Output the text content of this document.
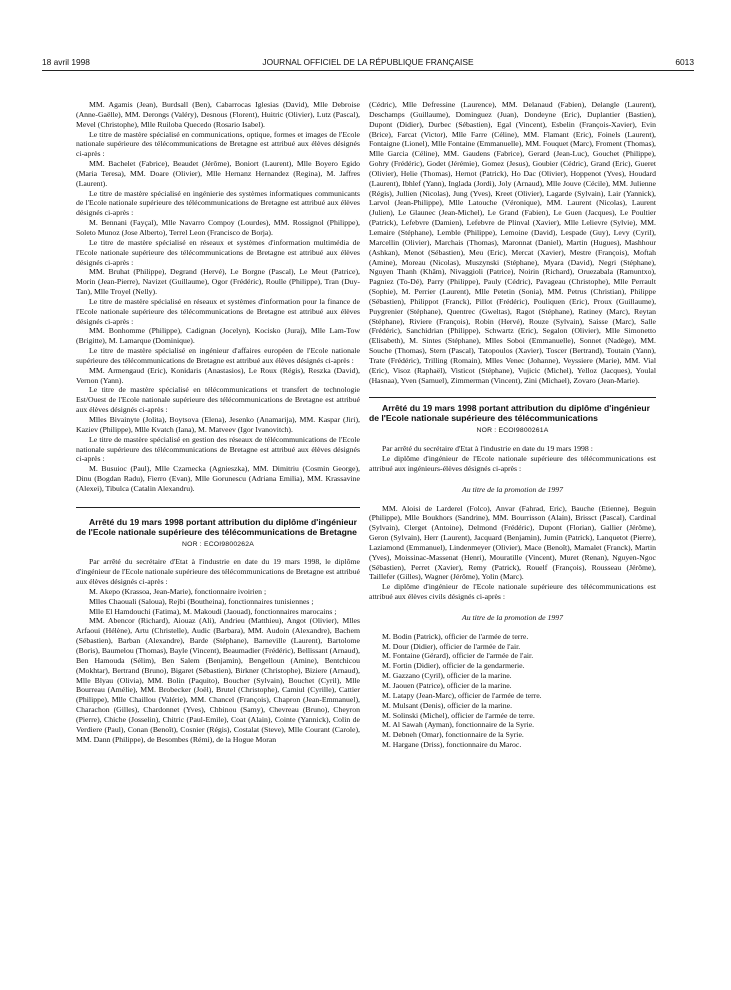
18 avril 1998	JOURNAL OFFICIEL DE LA RÉPUBLIQUE FRANÇAISE	6013

MM. Agamis (Jean), Burdsall (Ben), Cabarrocas Iglesias (David), Mlle Debroise (Anne-Gaëlle), MM. Derongs (Valéry), Desnous (Florent), Huitric (Olivier), Lutz (Pascal), Mevel (Christophe), Mlle Ruiloba Quecedo (Rosario Isabel).

Le titre de mastère spécialisé en communications, optique, formes et images de l'Ecole nationale supérieure des télécommunications de Bretagne est attribué aux élèves désignés ci-après :

MM. Bachelet (Fabrice), Beaudet (Jérôme), Boniort (Laurent), Mlle Boyero Egido (Maria Teresa), MM. Doare (Olivier), Mlle Hernanz Hernandez (Regina), M. Jaffres (Laurent).

Le titre de mastère spécialisé en ingénierie des systèmes informatiques communicants de l'Ecole nationale supérieure des télécommunications de Bretagne est attribué aux élèves désignés ci-après :

M. Bennani (Fayçal), Mlle Navarro Compoy (Lourdes), MM. Rossignol (Philippe), Soleto Munoz (Jose Alberto), Terrel Leon (Francisco de Borja).

Le titre de mastère spécialisé en réseaux et systèmes d'information multimédia de l'Ecole nationale supérieure des télécommunications de Bretagne est attribué aux élèves désignés ci-après :

MM. Bruhat (Philippe), Degrand (Hervé), Le Borgne (Pascal), Le Meut (Patrice), Morin (Jean-Pierre), Navizet (Guillaume), Ogor (Frédéric), Roulle (Philippe), Tran (Duy-Tan), Mlle Troyel (Nelly).

Le titre de mastère spécialisé en réseaux et systèmes d'information pour la finance de l'Ecole nationale supérieure des télécommunications de Bretagne est attribué aux élèves désignés ci-après :

MM. Bonhomme (Philippe), Cadignan (Jocelyn), Kocisko (Juraj), Mlle Lam-Tow (Brigitte), M. Lamarque (Dominique).

Le titre de mastère spécialisé en ingénieur d'affaires européen de l'Ecole nationale supérieure des télécommunications de Bretagne est attribué aux élèves désignés ci-après :

MM. Armengaud (Eric), Konidaris (Anastasios), Le Roux (Régis), Reszka (David), Vernon (Yann).

Le titre de mastère spécialisé en télécommunications et transfert de technologie Est/Ouest de l'Ecole nationale supérieure des télécommunications de Bretagne est attribué aux élèves désignés ci-après :

Mlles Bivainyte (Jolita), Boytsova (Elena), Jesenko (Anamarija), MM. Kaspar (Jiri), Kaziev (Philippe), Mlle Kvatch (Iana), M. Matveev (Igor Ivanovitch).

Le titre de mastère spécialisé en gestion des réseaux de télécommunications de l'Ecole nationale supérieure des télécommunications de Bretagne est attribué aux élèves désignés ci-après :

M. Busuioc (Paul), Mlle Czarnecka (Agnieszka), MM. Dimitriu (Cosmin George), Dinu (Bogdan Radu), Fierro (Evan), Mlle Gorunescu (Adriana Emilia), MM. Krassavine (Alexei), Tibulca (Catalin Alexandru).

Arrêté du 19 mars 1998 portant attribution du diplôme d'ingénieur de l'Ecole nationale supérieure des télécommunications de Bretagne

NOR : ECOI9800262A

Par arrêté du secrétaire d'Etat à l'industrie en date du 19 mars 1998, le diplôme d'ingénieur de l'Ecole nationale supérieure des télécommunications de Bretagne est attribué aux élèves désignés ci-après :

M. Akepo (Krassoa, Jean-Marie), fonctionnaire ivoirien ;

Mlles Chaouali (Saloua), Rejbi (Boutheina), fonctionnaires tunisiennes ;

Mlle El Hamdouchi (Fatima), M. Makoudi (Jaouad), fonctionnaires marocains ;

MM. Abencor (Richard), Aiouaz (Ali), Andrieu (Matthieu), Angot (Olivier), Mlles Arfaoui (Hélène), Artu (Christelle), Audic (Barbara), MM. Audoin (Alexandre), Bachem (Sébastien), Barban (Alexandre), Barde (Stéphane), Barneville (Laurent), Bartolome (Boris), Baumelou (Thomas), Bayle (Vincent), Beaumadier (Frédéric), Bellissant (Arnaud), Ben Hamouda (Sélim), Ben Salem (Benjamin), Bengelloun (Amine), Bentchicou (Mokhtar), Bertrand (Bruno), Bigaret (Sébastien), Birkner (Christophe), Biziere (Arnaud), Mlle Blyau (Olivia), MM. Bolin (Paquito), Boucher (Sylvain), Bouchet (Cyril), Mlle Bourreau (Amélie), MM. Brobecker (Joël), Brutel (Christophe), Camiul (Cyrille), Cattier (Philippe), Mlle Chaillou (Valérie), MM. Chancel (François), Chapron (Jean-Emmanuel), Charachon (Gilles), Chardonnet (Yves), Chbinou (Samy), Chevreau (Bruno), Cheyron (Pierre), Chiche (Josselin), Chitric (Paul-Emile), Coat (Alain), Cointe (Yannick), Colin de Verdiere (Paul), Conan (Benoît), Cosnier (Régis), Costalat (Steve), Mlle Courant (Carole), MM. Dann (Philippe), de Besombes (Rémi), de la Hogue Moran

(Cédric), Mlle Defressine (Laurence), MM. Delanaud (Fabien), Delangle (Laurent), Deschamps (Guillaume), Dominguez (Juan), Dondeyne (Eric), Duplantier (Bastien), Dupont (Didier), Durbec (Sébastien), Egal (Vincent), Esbelin (François-Xavier), Evin (Brice), Farcat (Victor), Mlle Farre (Céline), MM. Flamant (Eric), Foinels (Laurent), Fontaigne (Lionel), Mlle Fontaine (Emmanuelle), MM. Fouquet (Marc), Froment (Thomas), Mlle Garcia (Céline), MM. Gaudens (Fabrice), Gerard (Jean-Luc), Gouchet (Philippe), Gohry (Frédéric), Godet (Jérémie), Gomez (Jesus), Goubier (Cédric), Grand (Eric), Gueret (Olivier), Helie (Thomas), Hernot (Patrick), Ho Dac (Olivier), Hoppenot (Yves), Houdard (Laurent), Ibhlef (Yann), Inglada (Jordi), Joly (Arnaud), Mlle Jouve (Cécile), MM. Julienne (Régis), Jullien (Nicolas), Jung (Yves), Kreet (Olivier), Lagarde (Sylvain), Lair (Yannick), Larvol (Jean-Philippe), Mlle Latouche (Véronique), MM. Laurent (Nicolas), Laurent (Julien), Le Glaunec (Jean-Michel), Le Grand (Fabien), Le Guen (Jacques), Le Poultier (Patrick), Lefebvre (Damien), Lefebvre de Plinval (Xavier), Mlle Lelievre (Sylvie), MM. Lemaire (Stéphane), Lemble (Philippe), Lemoine (David), Lespade (Guy), Levy (Cyril), Marcellin (Olivier), Marchais (Thomas), Maronnat (Daniel), Martin (Hugues), Mashhour (Ashkan), Menot (Sébastien), Meu (Eric), Mercat (Xavier), Mestre (François), Moftah (Amine), Moreau (Nicolas), Muszynski (Stéphane), Myara (David), Negri (Stéphane), Nguyen Thanh (Khâm), Nivaggioli (Patrice), Noirin (Richard), Oruezabala (Ramuntxo), Pagniez (To-Dé), Parry (Philippe), Pauly (Cédric), Pavageau (Christophe), Mlle Perrault (Sophie), M. Perrier (Laurent), Mlle Petetin (Sonia), MM. Petrus (Christian), Philippe (Sébastien), Philippot (Franck), Pillot (Frédéric), Pouliquen (Eric), Proux (Guillaume), Puygrenier (Stéphane), Quentrec (Gweltas), Ragot (Stéphane), Ratiney (Marc), Reytan (Stéphane), Riviere (François), Robin (Hervé), Rouze (Sylvain), Saisse (Marc), Salle (Frédéric), Sanchidrian (Philippe), Schwartz (Eric), Segalon (Olivier), Mlle Simonetto (Elisabeth), M. Sintes (Stéphane), Mlles Soboi (Emmanuelle), Sonnet (Nadège), MM. Souche (Thomas), Stern (Pascal), Tatopoulos (Xavier), Toscer (Bertrand), Toutain (Yann), Trate (Frédéric), Trilling (Romain), Mlles Venec (Johanne), Veyssiere (Marie), MM. Vial (Eric), Visoz (Raphaël), Visticot (Stéphane), Vujicic (Michel), Yelloz (Jacques), Youlal (Hasnaa), Yven (Samuel), Zimmerman (Vincent), Zini (Michael), Zovaro (Jean-Marie).

Arrêté du 19 mars 1998 portant attribution du diplôme d'ingénieur de l'Ecole nationale supérieure des télécommunications

NOR : ECOI9800261A

Par arrêté du secrétaire d'Etat à l'industrie en date du 19 mars 1998 :

Le diplôme d'ingénieur de l'Ecole nationale supérieure des télécommunications est attribué aux ingénieurs-élèves désignés ci-après :

Au titre de la promotion de 1997

MM. Aloisi de Larderel (Folco), Anvar (Fahrad, Eric), Bauche (Etienne), Beguin (Philippe), Mlle Boukhors (Sandrine), MM. Bourrisson (Alain), Brissct (Pascal), Cardinal (Sylvain), Clerget (Antoine), Delmond (Frédéric), Dupont (Florian), Gallier (Jérôme), Geron (Sylvain), Herr (Laurent), Jacquard (Benjamin), Jumin (Patrick), Lanquetot (Pierre), Laziamond (Emmanuel), Lindenmeyer (Olivier), Mace (Benoît), Mamalet (Franck), Martin (Yves), Moissinac-Massenat (Henri), Mouratille (Vincent), Muret (Renan), Nguyen-Ngoc (Sébastien), Perret (Xavier), Remy (Patrick), Rouelf (François), Rousseau (Jérôme), Taillefer (Gilles), Wagner (Jérôme), Yolin (Marc).

Le diplôme d'ingénieur de l'Ecole nationale supérieure des télécommunications est attribué aux élèves civils désignés ci-après :

Au titre de la promotion de 1997

M. Bodin (Patrick), officier de l'armée de terre.

M. Dour (Didier), officier de l'armée de l'air.

M. Fontaine (Gérard), officier de l'armée de l'air.

M. Fortin (Didier), officier de la gendarmerie.

M. Gazzano (Cyril), officier de la marine.

M. Jaouen (Patrice), officier de la marine.

M. Latapy (Jean-Marc), officier de l'armée de terre.

M. Mulsant (Denis), officier de la marine.

M. Solinski (Michel), officier de l'armée de terre.

M. Al Sawah (Ayman), fonctionnaire de la Syrie.

M. Debneh (Omar), fonctionnaire de la Syrie.

M. Hargane (Driss), fonctionnaire du Maroc.
